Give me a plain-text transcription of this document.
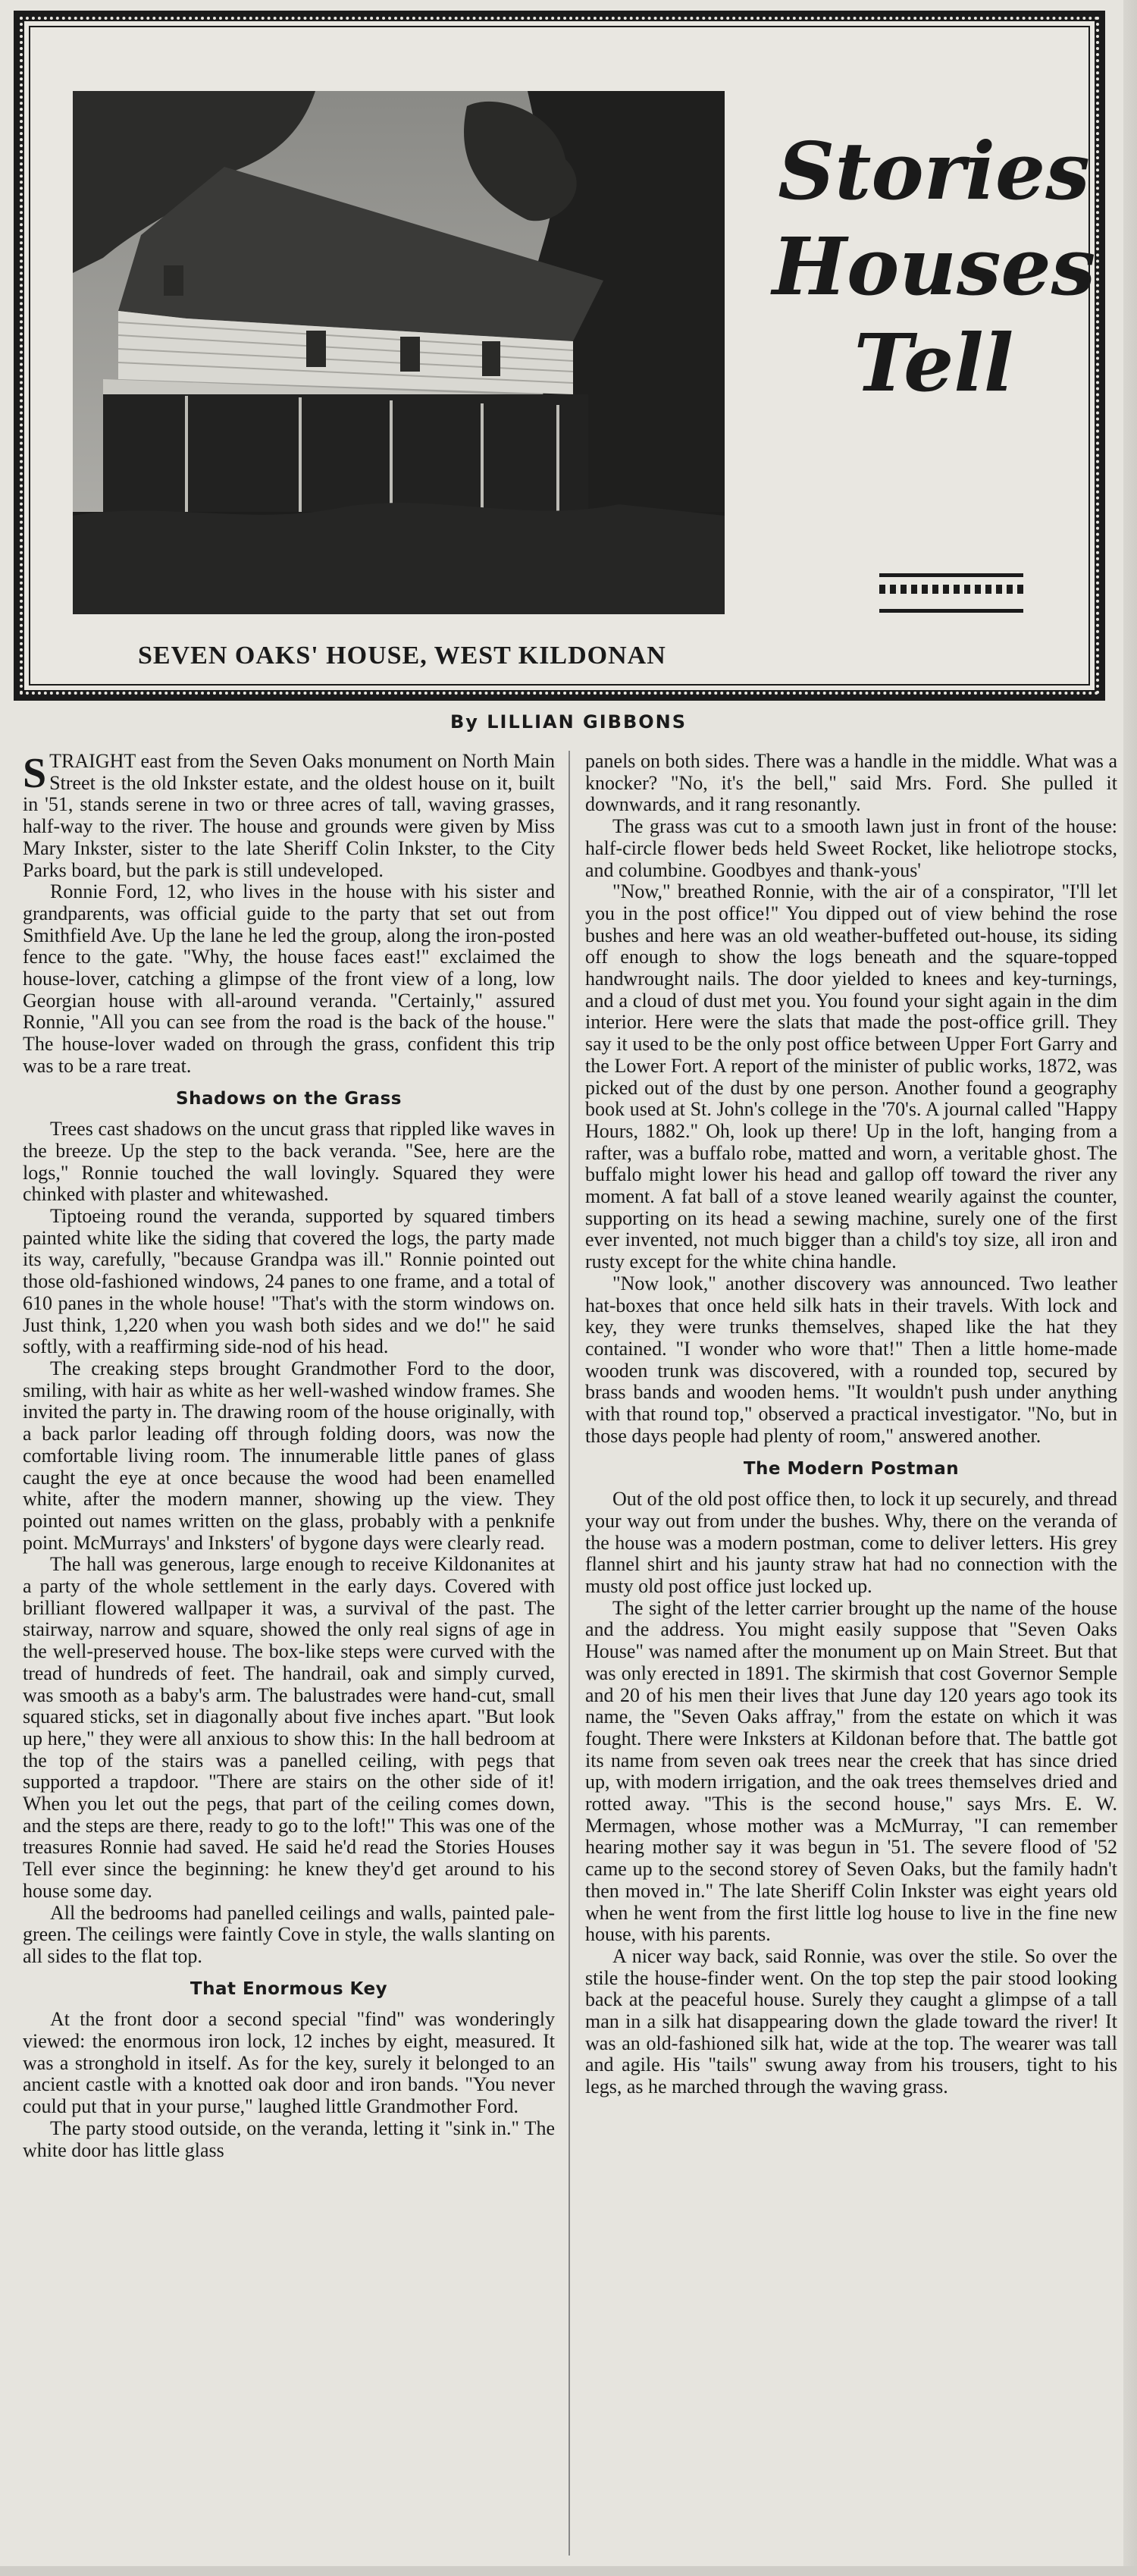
Stories
Houses
Tell
SEVEN OAKS' HOUSE, WEST KILDONAN
By LILLIAN GIBBONS

STRAIGHT east from the Seven Oaks monument on North Main Street is the old Inkster estate, and the oldest house on it, built in '51, stands serene in two or three acres of tall, waving grasses, half-way to the river. The house and grounds were given by Miss Mary Inkster, sister to the late Sheriff Colin Inkster, to the City Parks board, but the park is still undeveloped.

Ronnie Ford, 12, who lives in the house with his sister and grandparents, was official guide to the party that set out from Smithfield Ave. Up the lane he led the group, along the iron-posted fence to the gate. "Why, the house faces east!" exclaimed the house-lover, catching a glimpse of the front view of a long, low Georgian house with all-around veranda. "Certainly," assured Ronnie, "All you can see from the road is the back of the house." The house-lover waded on through the grass, confident this trip was to be a rare treat.

Shadows on the Grass

Trees cast shadows on the uncut grass that rippled like waves in the breeze. Up the step to the back veranda. "See, here are the logs," Ronnie touched the wall lovingly. Squared they were chinked with plaster and whitewashed.

Tiptoeing round the veranda, supported by squared timbers painted white like the siding that covered the logs, the party made its way, carefully, "because Grandpa was ill." Ronnie pointed out those old-fashioned windows, 24 panes to one frame, and a total of 610 panes in the whole house! "That's with the storm windows on. Just think, 1,220 when you wash both sides and we do!" he said softly, with a reaffirming side-nod of his head.

The creaking steps brought Grandmother Ford to the door, smiling, with hair as white as her well-washed window frames. She invited the party in. The drawing room of the house originally, with a back parlor leading off through folding doors, was now the comfortable living room. The innumerable little panes of glass caught the eye at once because the wood had been enamelled white, after the modern manner, showing up the view. They pointed out names written on the glass, probably with a penknife point. McMurrays' and Inksters' of bygone days were clearly read.

The hall was generous, large enough to receive Kildonanites at a party of the whole settlement in the early days. Covered with brilliant flowered wallpaper it was, a survival of the past. The stairway, narrow and square, showed the only real signs of age in the well-preserved house. The box-like steps were curved with the tread of hundreds of feet. The handrail, oak and simply curved, was smooth as a baby's arm. The balustrades were hand-cut, small squared sticks, set in diagonally about five inches apart. "But look up here," they were all anxious to show this: In the hall bedroom at the top of the stairs was a panelled ceiling, with pegs that supported a trapdoor. "There are stairs on the other side of it! When you let out the pegs, that part of the ceiling comes down, and the steps are there, ready to go to the loft!" This was one of the treasures Ronnie had saved. He said he'd read the Stories Houses Tell ever since the beginning: he knew they'd get around to his house some day.

All the bedrooms had panelled ceilings and walls, painted pale-green. The ceilings were faintly Cove in style, the walls slanting on all sides to the flat top.

That Enormous Key

At the front door a second special "find" was wonderingly viewed: the enormous iron lock, 12 inches by eight, measured. It was a stronghold in itself. As for the key, surely it belonged to an ancient castle with a knotted oak door and iron bands. "You never could put that in your purse," laughed little Grandmother Ford.

The party stood outside, on the veranda, letting it "sink in." The white door has little glass

panels on both sides. There was a handle in the middle. What was a knocker? "No, it's the bell," said Mrs. Ford. She pulled it downwards, and it rang resonantly.

The grass was cut to a smooth lawn just in front of the house: half-circle flower beds held Sweet Rocket, like heliotrope stocks, and columbine. Goodbyes and thank-yous'

"Now," breathed Ronnie, with the air of a conspirator, "I'll let you in the post office!" You dipped out of view behind the rose bushes and here was an old weather-buffeted out-house, its siding off enough to show the logs beneath and the square-topped handwrought nails. The door yielded to knees and key-turnings, and a cloud of dust met you. You found your sight again in the dim interior. Here were the slats that made the post-office grill. They say it used to be the only post office between Upper Fort Garry and the Lower Fort. A report of the minister of public works, 1872, was picked out of the dust by one person. Another found a geography book used at St. John's college in the '70's. A journal called "Happy Hours, 1882." Oh, look up there! Up in the loft, hanging from a rafter, was a buffalo robe, matted and worn, a veritable ghost. The buffalo might lower his head and gallop off toward the river any moment. A fat ball of a stove leaned wearily against the counter, supporting on its head a sewing machine, surely one of the first ever invented, not much bigger than a child's toy size, all iron and rusty except for the white china handle.

"Now look," another discovery was announced. Two leather hat-boxes that once held silk hats in their travels. With lock and key, they were trunks themselves, shaped like the hat they contained. "I wonder who wore that!" Then a little home-made wooden trunk was discovered, with a rounded top, secured by brass bands and wooden hems. "It wouldn't push under anything with that round top," observed a practical investigator. "No, but in those days people had plenty of room," answered another.

The Modern Postman

Out of the old post office then, to lock it up securely, and thread your way out from under the bushes. Why, there on the veranda of the house was a modern postman, come to deliver letters. His grey flannel shirt and his jaunty straw hat had no connection with the musty old post office just locked up.

The sight of the letter carrier brought up the name of the house and the address. You might easily suppose that "Seven Oaks House" was named after the monument up on Main Street. But that was only erected in 1891. The skirmish that cost Governor Semple and 20 of his men their lives that June day 120 years ago took its name, the "Seven Oaks affray," from the estate on which it was fought. There were Inksters at Kildonan before that. The battle got its name from seven oak trees near the creek that has since dried up, with modern irrigation, and the oak trees themselves dried and rotted away. "This is the second house," says Mrs. E. W. Mermagen, whose mother was a McMurray, "I can remember hearing mother say it was begun in '51. The severe flood of '52 came up to the second storey of Seven Oaks, but the family hadn't then moved in." The late Sheriff Colin Inkster was eight years old when he went from the first little log house to live in the fine new house, with his parents.

A nicer way back, said Ronnie, was over the stile. So over the stile the house-finder went. On the top step the pair stood looking back at the peaceful house. Surely they caught a glimpse of a tall man in a silk hat disappearing down the glade toward the river! It was an old-fashioned silk hat, wide at the top. The wearer was tall and agile. His "tails" swung away from his trousers, tight to his legs, as he marched through the waving grass.
